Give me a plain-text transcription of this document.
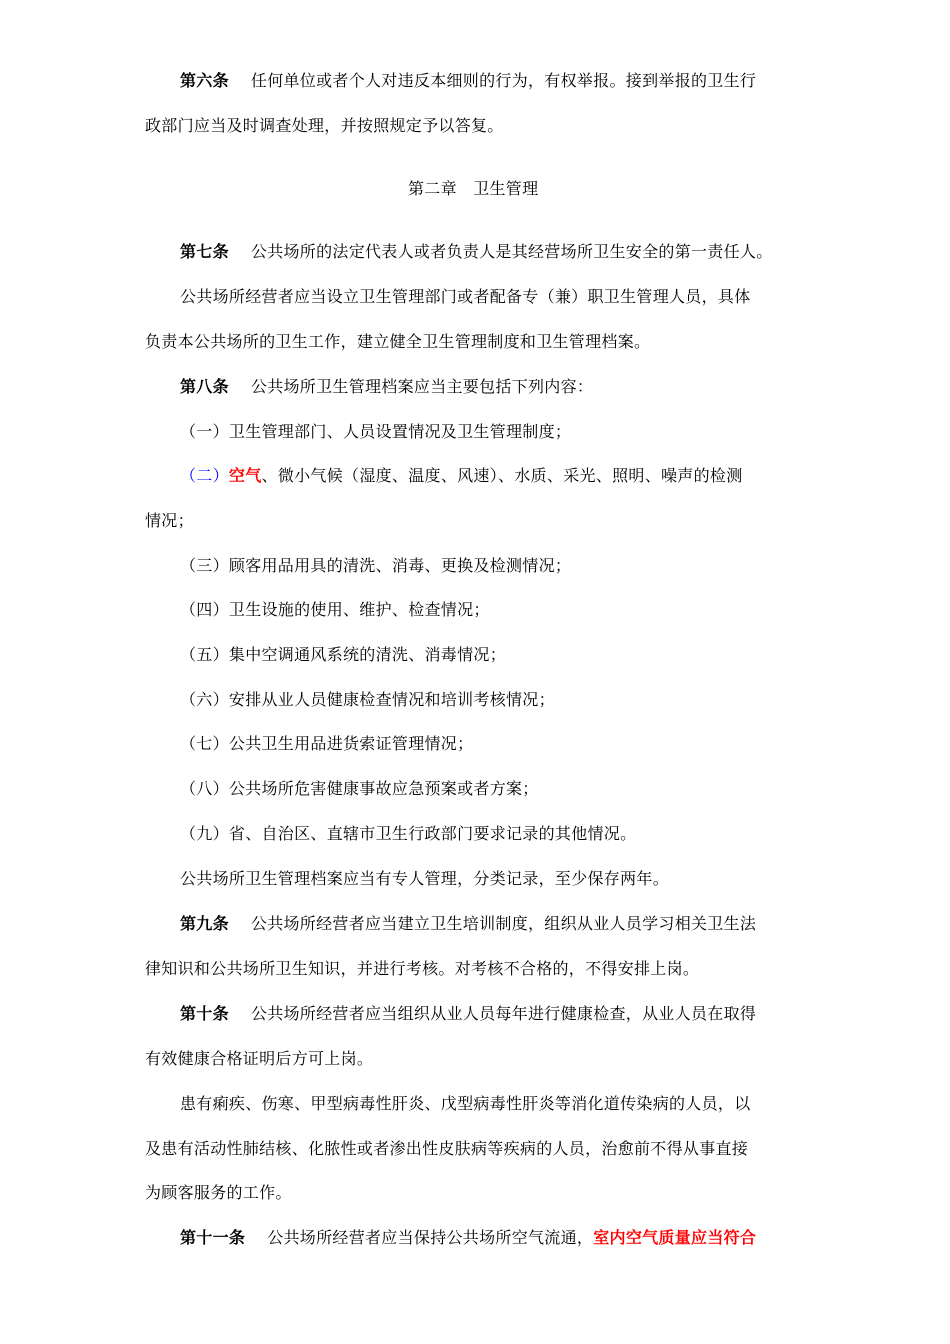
第六条 任何单位或者个人对违反本细则的行为，有权举报。接到举报的卫生行
政部门应当及时调查处理，并按照规定予以答复。
第二章　卫生管理
第七条 公共场所的法定代表人或者负责人是其经营场所卫生安全的第一责任人。
公共场所经营者应当设立卫生管理部门或者配备专（兼）职卫生管理人员，具体
负责本公共场所的卫生工作，建立健全卫生管理制度和卫生管理档案。
第八条 公共场所卫生管理档案应当主要包括下列内容：
（一）卫生管理部门、人员设置情况及卫生管理制度；
（二）空气、微小气候（湿度、温度、风速）、水质、采光、照明、噪声的检测
情况；
（三）顾客用品用具的清洗、消毒、更换及检测情况；
（四）卫生设施的使用、维护、检查情况；
（五）集中空调通风系统的清洗、消毒情况；
（六）安排从业人员健康检查情况和培训考核情况；
（七）公共卫生用品进货索证管理情况；
（八）公共场所危害健康事故应急预案或者方案；
（九）省、自治区、直辖市卫生行政部门要求记录的其他情况。
公共场所卫生管理档案应当有专人管理，分类记录，至少保存两年。
第九条 公共场所经营者应当建立卫生培训制度，组织从业人员学习相关卫生法
律知识和公共场所卫生知识，并进行考核。对考核不合格的，不得安排上岗。
第十条 公共场所经营者应当组织从业人员每年进行健康检查，从业人员在取得
有效健康合格证明后方可上岗。
患有痢疾、伤寒、甲型病毒性肝炎、戊型病毒性肝炎等消化道传染病的人员，以
及患有活动性肺结核、化脓性或者渗出性皮肤病等疾病的人员，治愈前不得从事直接
为顾客服务的工作。
第十一条 公共场所经营者应当保持公共场所空气流通，室内空气质量应当符合
